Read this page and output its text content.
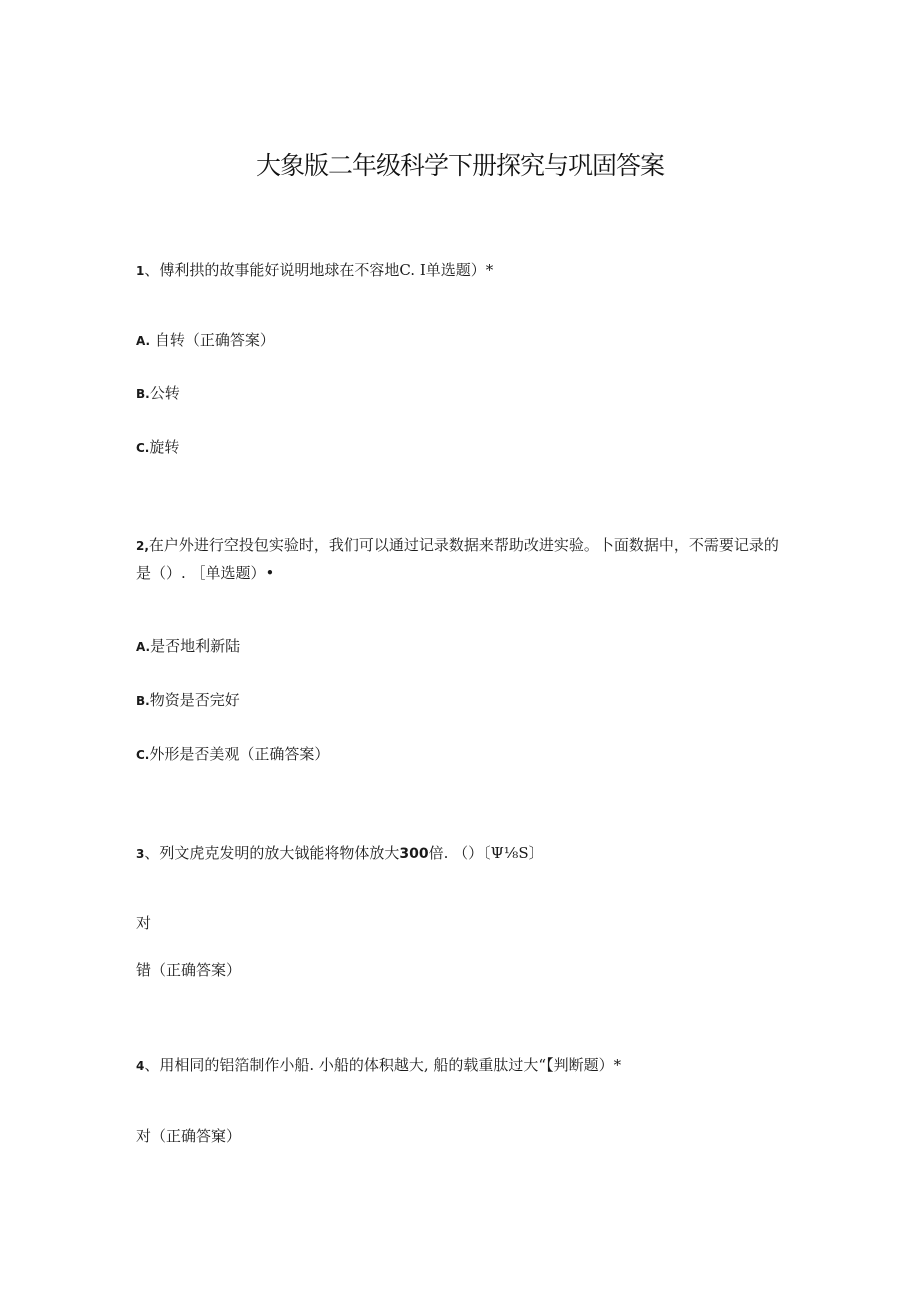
大象版二年级科学下册探究与巩固答案
1、傅利拱的故事能好说明地球在不容地C. I单选题）*
A. 自转（正确答案）
B.公转
C.旋转
2,在户外进行空投包实验时，我们可以通过记录数据来帮助改进实验。卜面数据中，不需要记录的是（）. ［单选题）•
A.是否地利新陆
B.物资是否完好
C.外形是否美观（正确答案）
3、列文虎克发明的放大钺能将物体放大300倍. （）〔Ψ⅛S〕
对
错（正确答案）
4、用相同的铝箔制作小船. 小船的体积越大, 船的载重肽过大“【判断题）*
对（正确答窠）
